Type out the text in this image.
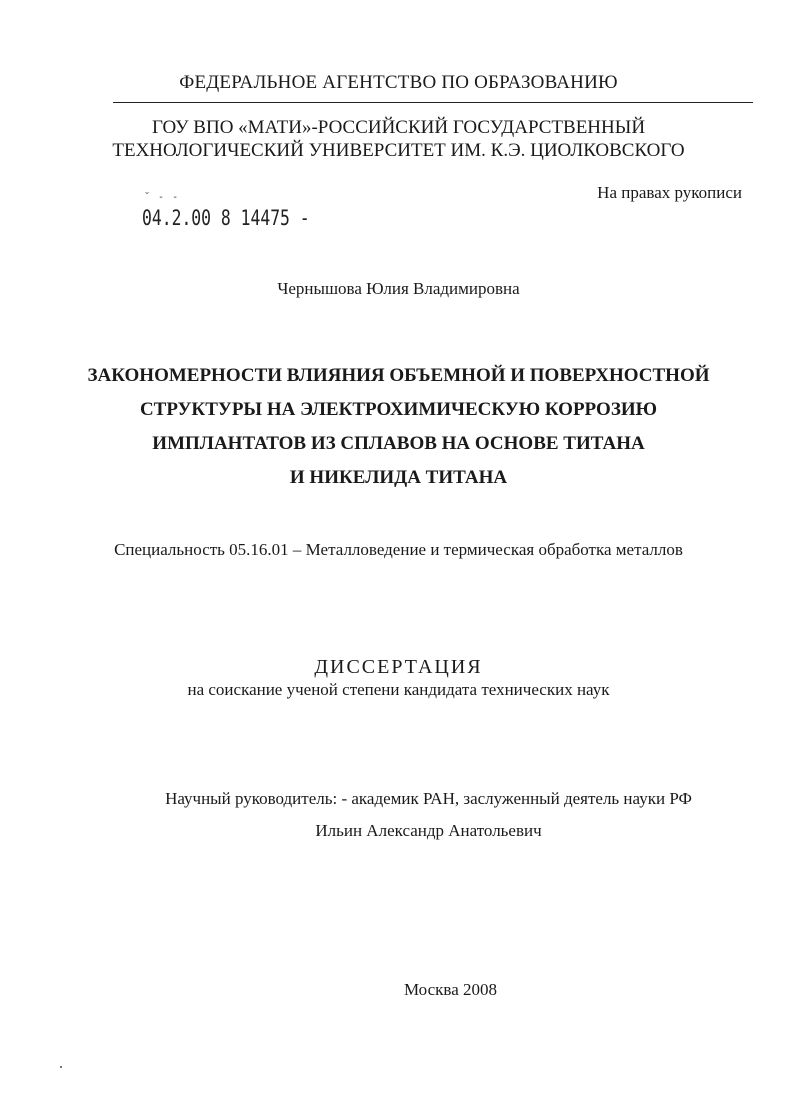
ФЕДЕРАЛЬНОЕ АГЕНТСТВО ПО ОБРАЗОВАНИЮ
ГОУ ВПО «МАТИ»-РОССИЙСКИЙ ГОСУДАРСТВЕННЫЙ
ТЕХНОЛОГИЧЕСКИЙ УНИВЕРСИТЕТ ИМ. К.Э. ЦИОЛКОВСКОГО
На правах рукописи
˘ - -
04.2.00 8 14475 -
Чернышова Юлия Владимировна
ЗАКОНОМЕРНОСТИ ВЛИЯНИЯ ОБЪЕМНОЙ И ПОВЕРХНОСТНОЙ
СТРУКТУРЫ НА ЭЛЕКТРОХИМИЧЕСКУЮ КОРРОЗИЮ
ИМПЛАНТАТОВ ИЗ СПЛАВОВ НА ОСНОВЕ ТИТАНА
И НИКЕЛИДА ТИТАНА
Специальность 05.16.01 – Металловедение и термическая обработка металлов
ДИССЕРТАЦИЯ
на соискание ученой степени кандидата технических наук
Научный руководитель: - академик РАН, заслуженный деятель науки РФ
Ильин Александр Анатольевич
Москва 2008
